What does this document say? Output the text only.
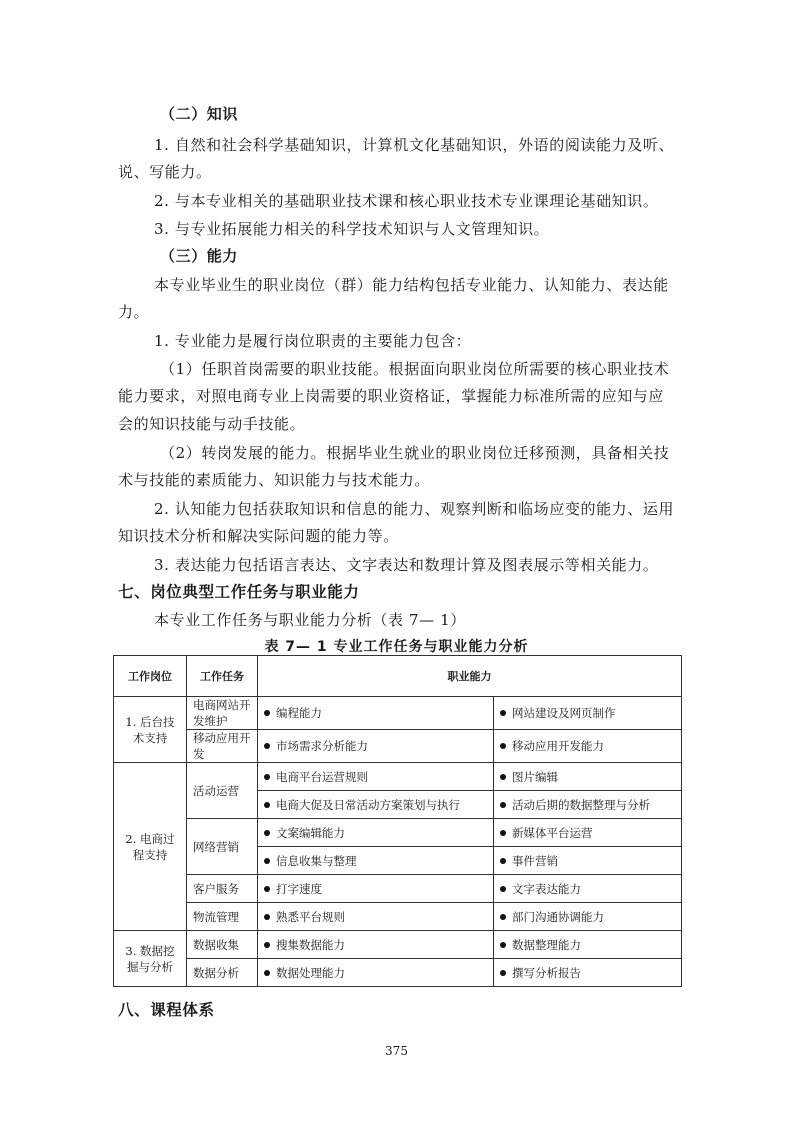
（二）知识
1. 自然和社会科学基础知识，计算机文化基础知识，外语的阅读能力及听、
说、写能力。
2. 与本专业相关的基础职业技术课和核心职业技术专业课理论基础知识。
3. 与专业拓展能力相关的科学技术知识与人文管理知识。
（三）能力
本专业毕业生的职业岗位（群）能力结构包括专业能力、认知能力、表达能
力。
1. 专业能力是履行岗位职责的主要能力包含：
（1）任职首岗需要的职业技能。根据面向职业岗位所需要的核心职业技术
能力要求，对照电商专业上岗需要的职业资格证，掌握能力标准所需的应知与应
会的知识技能与动手技能。
（2）转岗发展的能力。根据毕业生就业的职业岗位迁移预测，具备相关技
术与技能的素质能力、知识能力与技术能力。
2. 认知能力包括获取知识和信息的能力、观察判断和临场应变的能力、运用
知识技术分析和解决实际问题的能力等。
3. 表达能力包括语言表达、文字表达和数理计算及图表展示等相关能力。
七、岗位典型工作任务与职业能力
本专业工作任务与职业能力分析（表 7— 1）
表 7— 1 专业工作任务与职业能力分析
工作岗位	工作任务	职业能力	
1. 后台技术支持	电商网站开发维护	编程能力	网站建设及网页制作
	移动应用开发	市场需求分析能力	移动应用开发能力
2. 电商过程支持	活动运营	电商平台运营规则	图片编辑
		电商大促及日常活动方案策划与执行	活动后期的数据整理与分析
	网络营销	文案编辑能力	新媒体平台运营
		信息收集与整理	事件营销
	客户服务	打字速度	文字表达能力
	物流管理	熟悉平台规则	部门沟通协调能力
3. 数据挖掘与分析	数据收集	搜集数据能力	数据整理能力
	数据分析	数据处理能力	撰写分析报告
八、课程体系
375
